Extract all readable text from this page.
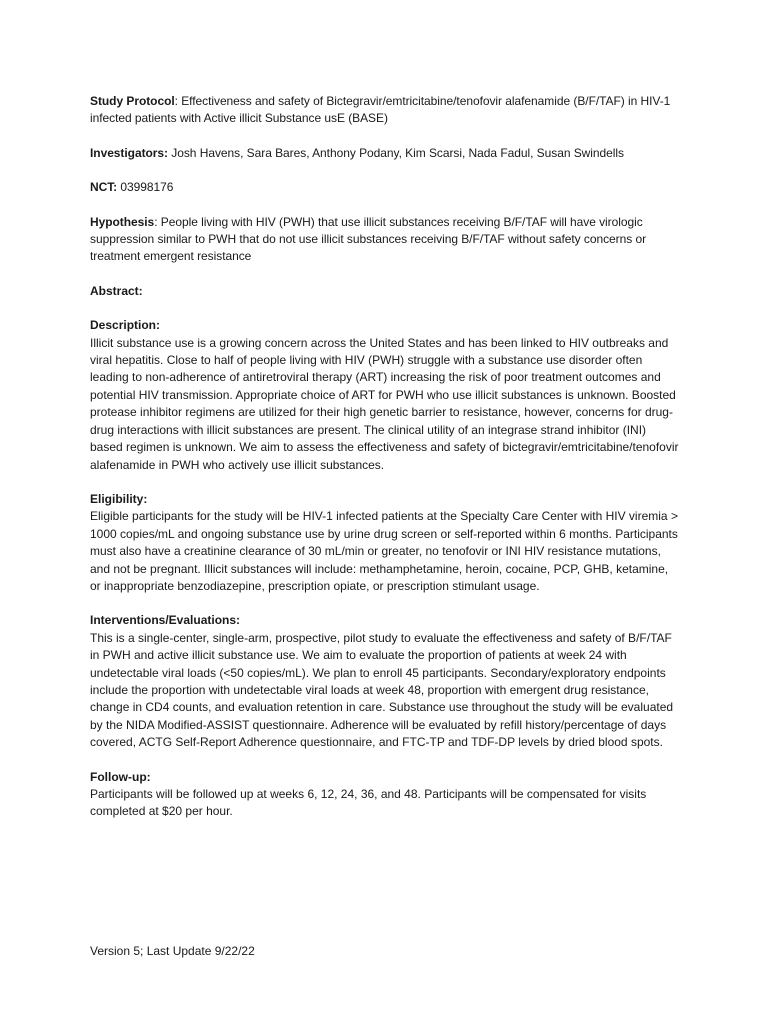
Study Protocol: Effectiveness and safety of Bictegravir/emtricitabine/tenofovir alafenamide (B/F/TAF) in HIV-1 infected patients with Active illicit Substance usE (BASE)

Investigators: Josh Havens, Sara Bares, Anthony Podany, Kim Scarsi, Nada Fadul, Susan Swindells

NCT: 03998176

Hypothesis: People living with HIV (PWH) that use illicit substances receiving B/F/TAF will have virologic suppression similar to PWH that do not use illicit substances receiving B/F/TAF without safety concerns or treatment emergent resistance

Abstract:

Description:

Illicit substance use is a growing concern across the United States and has been linked to HIV outbreaks and viral hepatitis. Close to half of people living with HIV (PWH) struggle with a substance use disorder often leading to non-adherence of antiretroviral therapy (ART) increasing the risk of poor treatment outcomes and potential HIV transmission. Appropriate choice of ART for PWH who use illicit substances is unknown. Boosted protease inhibitor regimens are utilized for their high genetic barrier to resistance, however, concerns for drug-drug interactions with illicit substances are present. The clinical utility of an integrase strand inhibitor (INI) based regimen is unknown. We aim to assess the effectiveness and safety of bictegravir/emtricitabine/tenofovir alafenamide in PWH who actively use illicit substances.

Eligibility:

Eligible participants for the study will be HIV-1 infected patients at the Specialty Care Center with HIV viremia > 1000 copies/mL and ongoing substance use by urine drug screen or self-reported within 6 months. Participants must also have a creatinine clearance of 30 mL/min or greater, no tenofovir or INI HIV resistance mutations, and not be pregnant. Illicit substances will include: methamphetamine, heroin, cocaine, PCP, GHB, ketamine, or inappropriate benzodiazepine, prescription opiate, or prescription stimulant usage.

Interventions/Evaluations:

This is a single-center, single-arm, prospective, pilot study to evaluate the effectiveness and safety of B/F/TAF in PWH and active illicit substance use. We aim to evaluate the proportion of patients at week 24 with undetectable viral loads (<50 copies/mL). We plan to enroll 45 participants. Secondary/exploratory endpoints include the proportion with undetectable viral loads at week 48, proportion with emergent drug resistance, change in CD4 counts, and evaluation retention in care. Substance use throughout the study will be evaluated by the NIDA Modified-ASSIST questionnaire. Adherence will be evaluated by refill history/percentage of days covered, ACTG Self-Report Adherence questionnaire, and FTC-TP and TDF-DP levels by dried blood spots.

Follow-up:

Participants will be followed up at weeks 6, 12, 24, 36, and 48. Participants will be compensated for visits completed at $20 per hour.

Version 5; Last Update 9/22/22
